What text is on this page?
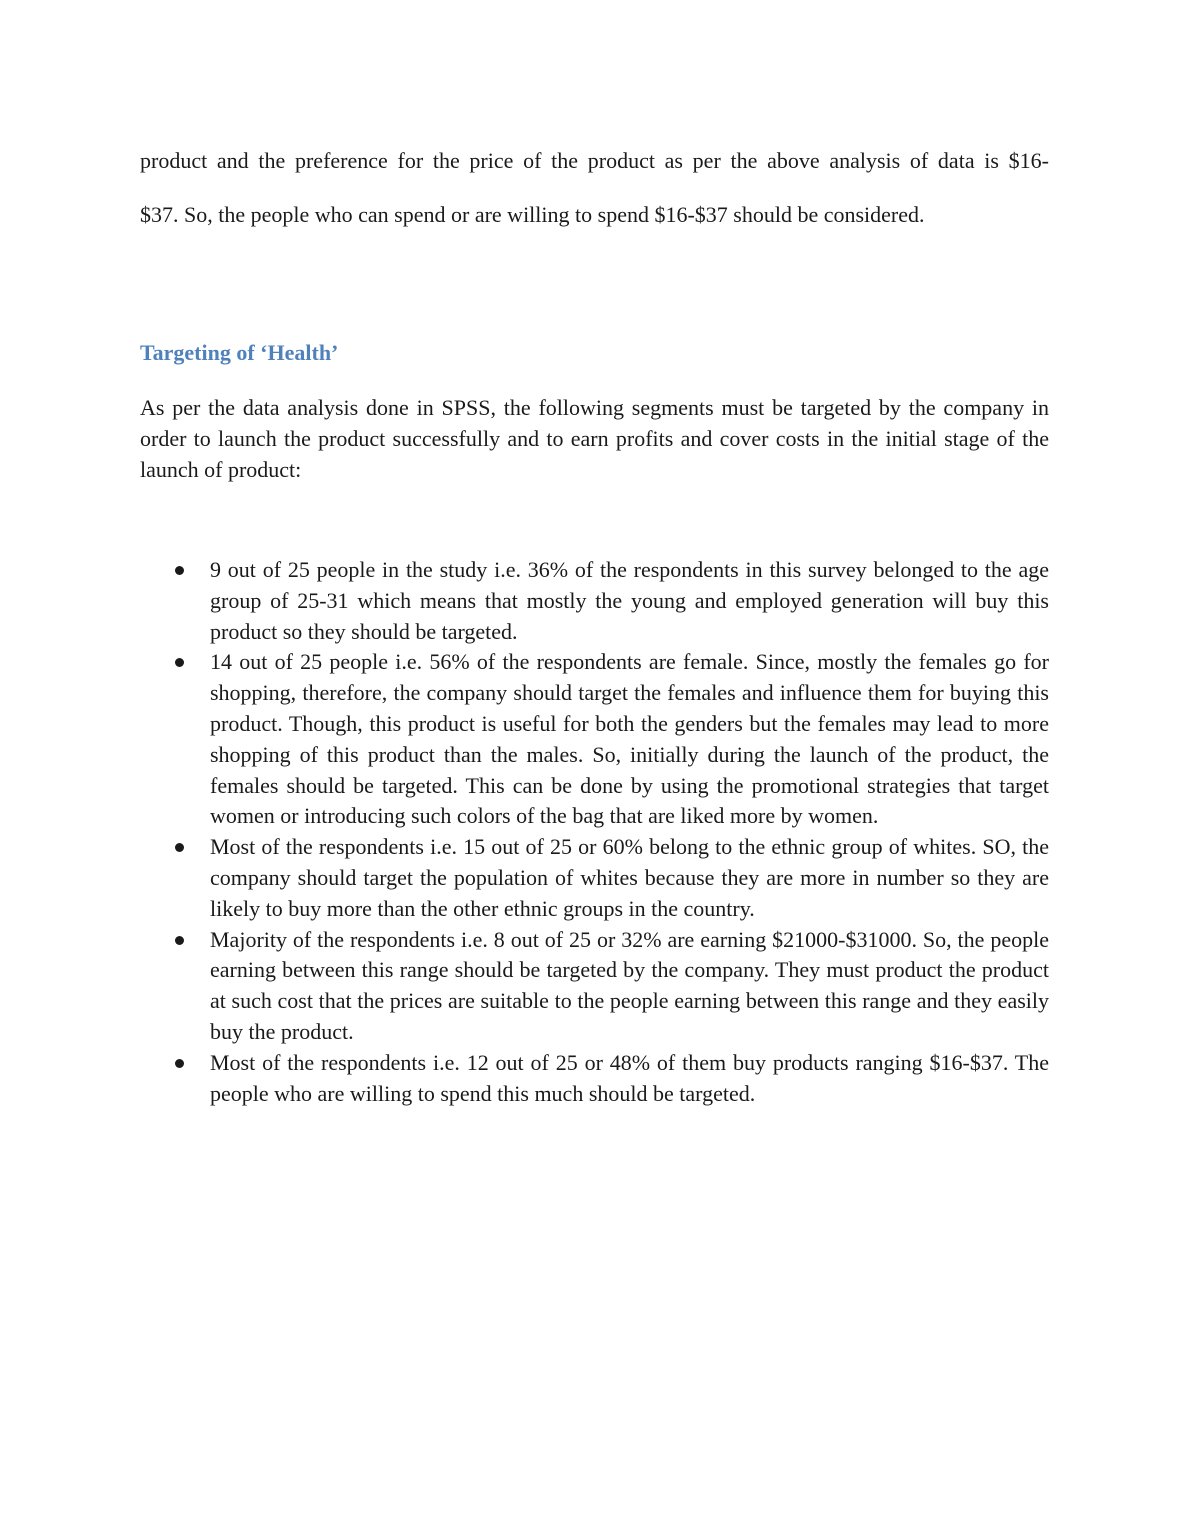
product and the preference for the price of the product as per the above analysis of data is $16-
$37. So, the people who can spend or are willing to spend $16-$37 should be considered.

Targeting of ‘Health’

As per the data analysis done in SPSS, the following segments must be targeted by the company in order to launch the product successfully and to earn profits and cover costs in the initial stage of the launch of product:

9 out of 25 people in the study i.e. 36% of the respondents in this survey belonged to the age group of 25-31 which means that mostly the young and employed generation will buy this product so they should be targeted.
14 out of 25 people i.e. 56% of the respondents are female. Since, mostly the females go for shopping, therefore, the company should target the females and influence them for buying this product. Though, this product is useful for both the genders but the females may lead to more shopping of this product than the males. So, initially during the launch of the product, the females should be targeted. This can be done by using the promotional strategies that target women or introducing such colors of the bag that are liked more by women.
Most of the respondents i.e. 15 out of 25 or 60% belong to the ethnic group of whites. SO, the company should target the population of whites because they are more in number so they are likely to buy more than the other ethnic groups in the country.
Majority of the respondents i.e. 8 out of 25 or 32% are earning $21000-$31000. So, the people earning between this range should be targeted by the company. They must product the product at such cost that the prices are suitable to the people earning between this range and they easily buy the product.
Most of the respondents i.e. 12 out of 25 or 48% of them buy products ranging $16-$37. The people who are willing to spend this much should be targeted.
